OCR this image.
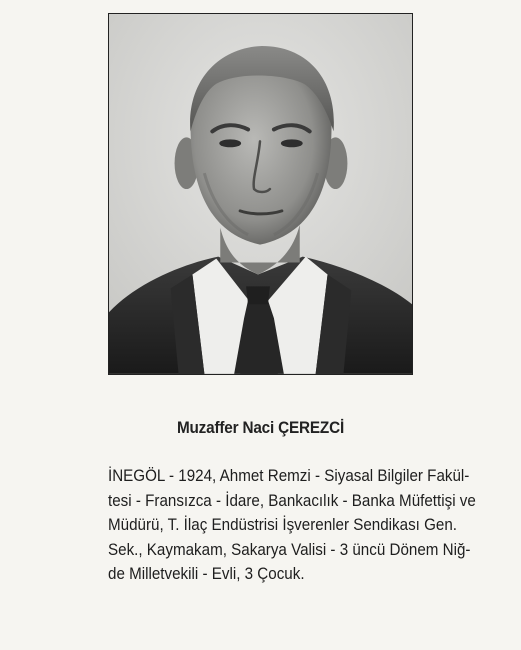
Muzaffer Naci ÇEREZCİ
İNEGÖL - 1924, Ahmet Remzi - Siyasal Bilgiler Fakül-
tesi - Fransızca - İdare, Bankacılık - Banka Müfettişi ve
Müdürü, T. İlaç Endüstrisi İşverenler Sendikası Gen.
Sek., Kaymakam, Sakarya Valisi - 3 üncü Dönem Niğ-
de Milletvekili - Evli, 3 Çocuk.
